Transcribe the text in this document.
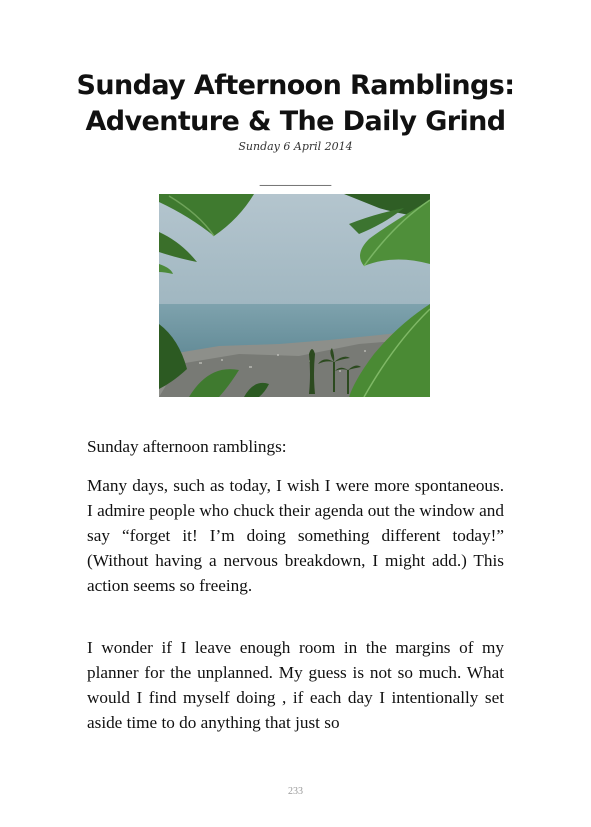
Sunday Afternoon Ramblings:
Adventure & The Daily Grind
Sunday 6 April 2014
___________

Sunday afternoon ramblings:

Many days, such as today, I wish I were more spontaneous. I admire people who chuck their agenda out the window and say “forget it! I’m doing something different today!” (Without having a nervous breakdown, I might add.) This action seems so freeing.

I wonder if I leave enough room in the margins of my planner for the unplanned. My guess is not so much. What would I find myself doing , if each day I intentionally set aside time to do anything that just so

233
